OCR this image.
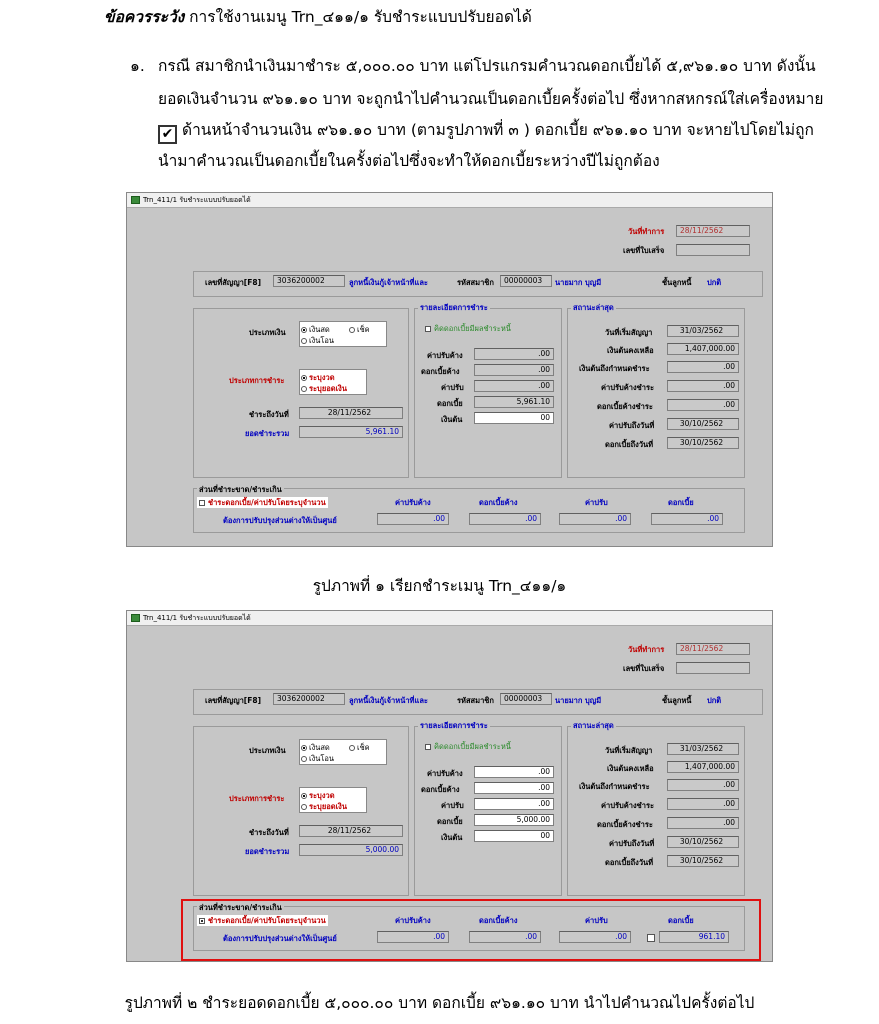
ข้อควรระวัง การใช้งานเมนู Trn_๔๑๑/๑ รับชำระแบบปรับยอดได้
๑. กรณี สมาชิกนำเงินมาชำระ ๕,๐๐๐.๐๐ บาท แต่โปรแกรมคำนวณดอกเบี้ยได้ ๕,๙๖๑.๑๐ บาท ดังนั้น
ยอดเงินจำนวน ๙๖๑.๑๐ บาท จะถูกนำไปคำนวณเป็นดอกเบี้ยครั้งต่อไป ซึ่งหากสหกรณ์ใส่เครื่องหมาย
✔ ด้านหน้าจำนวนเงิน ๙๖๑.๑๐ บาท (ตามรูปภาพที่ ๓ ) ดอกเบี้ย ๙๖๑.๑๐ บาท จะหายไปโดยไม่ถูก
นำมาคำนวณเป็นดอกเบี้ยในครั้งต่อไปซึ่งจะทำให้ดอกเบี้ยระหว่างปีไม่ถูกต้อง
Trn_411/1 รับชำระแบบปรับยอดได้
วันที่ทำการ	28/11/2562
เลขที่ใบเสร็จ
เลขที่สัญญา[F8]	3036200002	ลูกหนี้เงินกู้เจ้าหน้าที่และ	รหัสสมาชิก	00000003	นายมาก บุญมี	ชั้นลูกหนี้ ปกติ
ประเภทเงิน	เงินสด	เช็ค
เงินโอน
ประเภทการชำระ	ระบุงวด
ระบุยอดเงิน
ชำระถึงวันที่	28/11/2562
ยอดชำระรวม	5,961.10
รายละเอียดการชำระ
คิดดอกเบี้ยมีผลชำระหนี้
ค่าปรับค้าง	.00
ดอกเบี้ยค้าง	.00
ค่าปรับ	.00
ดอกเบี้ย	5,961.10
เงินต้น	00
สถานะล่าสุด
วันที่เริ่มสัญญา	31/03/2562
เงินต้นคงเหลือ	1,407,000.00
เงินต้นถึงกำหนดชำระ	.00
ค่าปรับค้างชำระ	.00
ดอกเบี้ยค้างชำระ	.00
ค่าปรับถึงวันที่	30/10/2562
ดอกเบี้ยถึงวันที่	30/10/2562
ส่วนที่ชำระขาด/ชำระเกิน
ชำระดอกเบี้ย/ค่าปรับโดยระบุจำนวน
ต้องการปรับปรุงส่วนต่างให้เป็นศูนย์
ค่าปรับค้าง	ดอกเบี้ยค้าง	ค่าปรับ	ดอกเบี้ย
.00	.00	.00	.00
Trn_411/1 รับชำระแบบปรับยอดได้
วันที่ทำการ	28/11/2562
เลขที่ใบเสร็จ
เลขที่สัญญา[F8]	3036200002	ลูกหนี้เงินกู้เจ้าหน้าที่และ	รหัสสมาชิก	00000003	นายมาก บุญมี	ชั้นลูกหนี้ ปกติ
ประเภทเงิน	เงินสด	เช็ค
เงินโอน
ประเภทการชำระ	ระบุงวด
ระบุยอดเงิน
ชำระถึงวันที่	28/11/2562
ยอดชำระรวม	5,000.00
รายละเอียดการชำระ
คิดดอกเบี้ยมีผลชำระหนี้
ค่าปรับค้าง	.00
ดอกเบี้ยค้าง	.00
ค่าปรับ	.00
ดอกเบี้ย	5,000.00
เงินต้น	00
สถานะล่าสุด
วันที่เริ่มสัญญา	31/03/2562
เงินต้นคงเหลือ	1,407,000.00
เงินต้นถึงกำหนดชำระ	.00
ค่าปรับค้างชำระ	.00
ดอกเบี้ยค้างชำระ	.00
ค่าปรับถึงวันที่	30/10/2562
ดอกเบี้ยถึงวันที่	30/10/2562
ส่วนที่ชำระขาด/ชำระเกิน
ชำระดอกเบี้ย/ค่าปรับโดยระบุจำนวน
ต้องการปรับปรุงส่วนต่างให้เป็นศูนย์
ค่าปรับค้าง	ดอกเบี้ยค้าง	ค่าปรับ	ดอกเบี้ย
.00	.00	.00	961.10
รูปภาพที่ ๑ เรียกชำระเมนู Trn_๔๑๑/๑
รูปภาพที่ ๒ ชำระยอดดอกเบี้ย ๕,๐๐๐.๐๐ บาท ดอกเบี้ย ๙๖๑.๑๐ บาท นำไปคำนวณไปครั้งต่อไป
